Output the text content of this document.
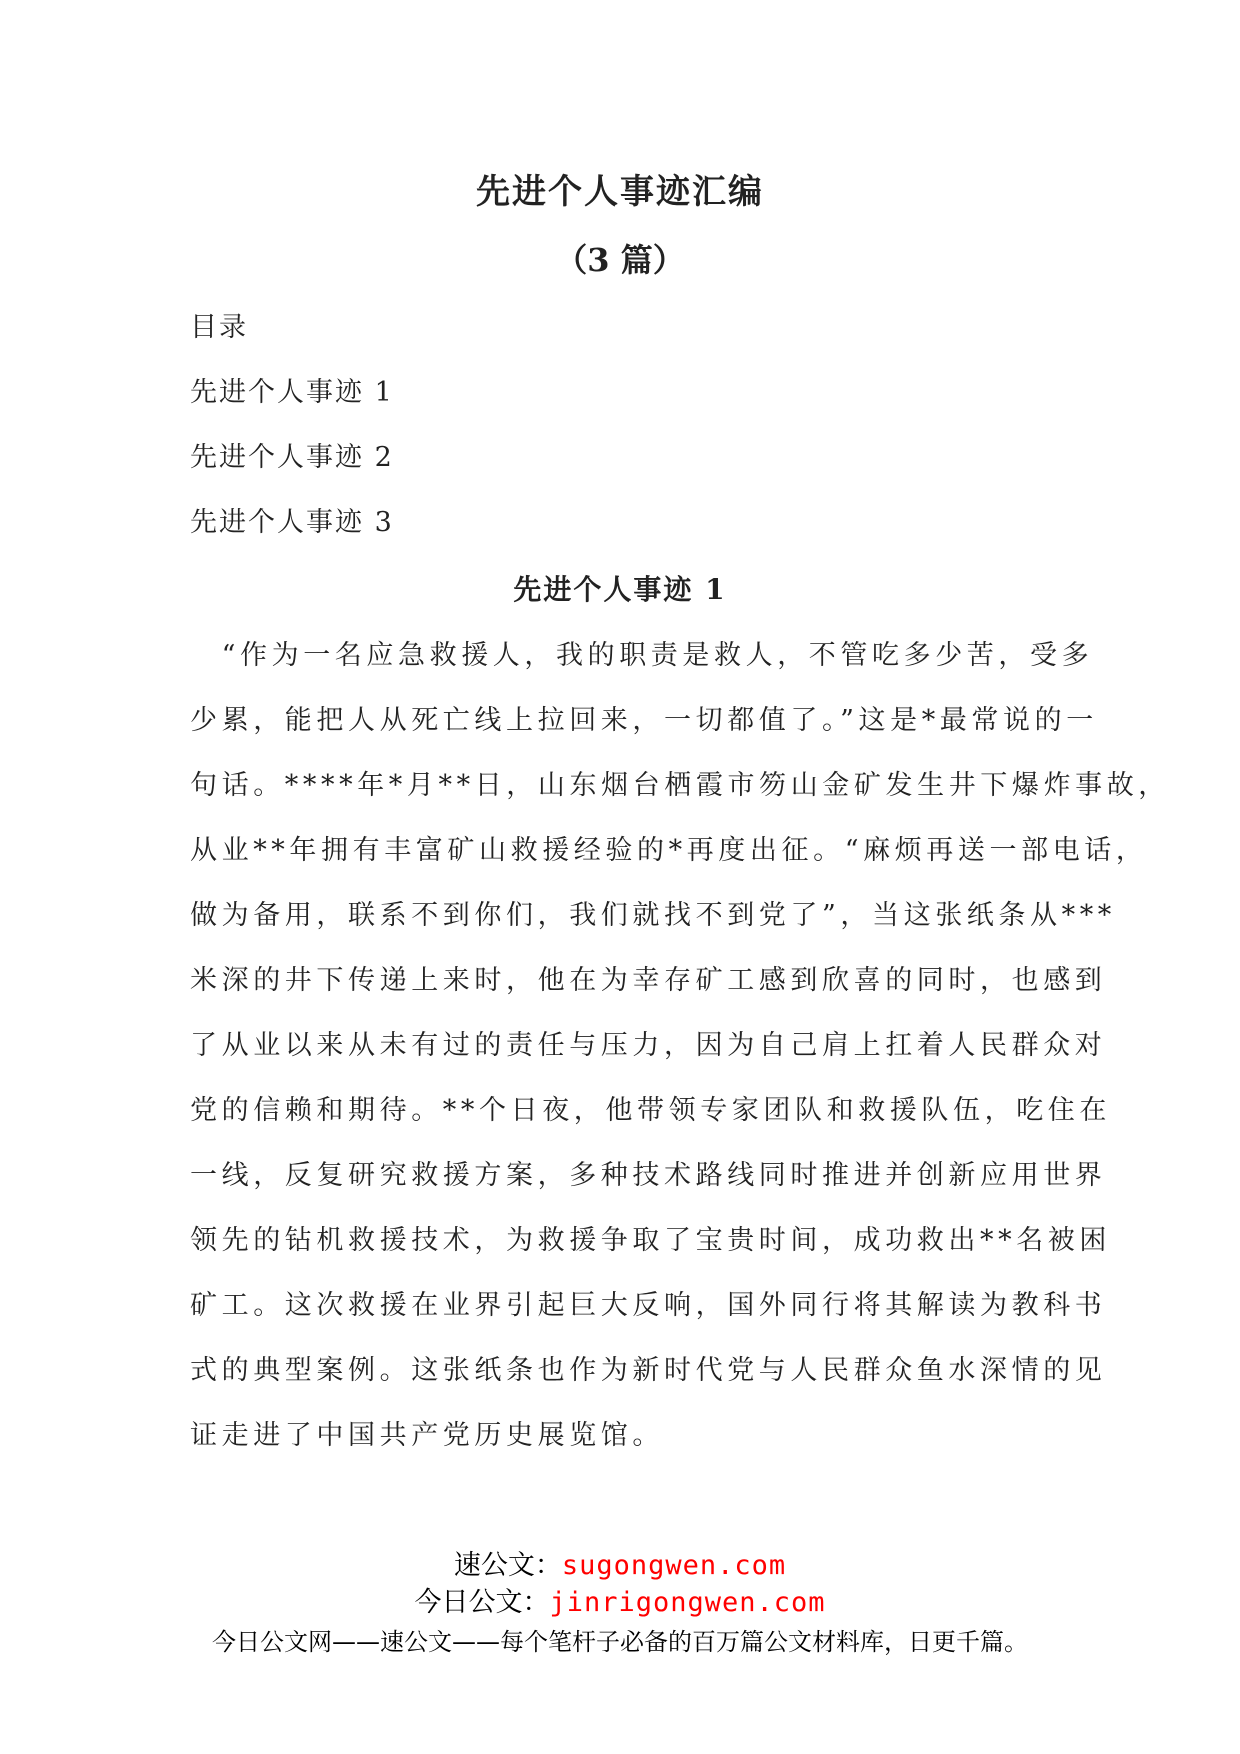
先进个人事迹汇编
（3 篇）
目录
先进个人事迹 1
先进个人事迹 2
先进个人事迹 3
先进个人事迹 1
　“作为一名应急救援人，我的职责是救人，不管吃多少苦，受多
少累，能把人从死亡线上拉回来，一切都值了。”这是*最常说的一
句话。****年*月**日，山东烟台栖霞市笏山金矿发生井下爆炸事故，
从业**年拥有丰富矿山救援经验的*再度出征。“麻烦再送一部电话，
做为备用，联系不到你们，我们就找不到党了”，当这张纸条从***
米深的井下传递上来时，他在为幸存矿工感到欣喜的同时，也感到
了从业以来从未有过的责任与压力，因为自己肩上扛着人民群众对
党的信赖和期待。**个日夜，他带领专家团队和救援队伍，吃住在
一线，反复研究救援方案，多种技术路线同时推进并创新应用世界
领先的钻机救援技术，为救援争取了宝贵时间，成功救出**名被困
矿工。这次救援在业界引起巨大反响，国外同行将其解读为教科书
式的典型案例。这张纸条也作为新时代党与人民群众鱼水深情的见
证走进了中国共产党历史展览馆。
速公文：sugongwen.com
今日公文：jinrigongwen.com
今日公文网——速公文——每个笔杆子必备的百万篇公文材料库，日更千篇。
